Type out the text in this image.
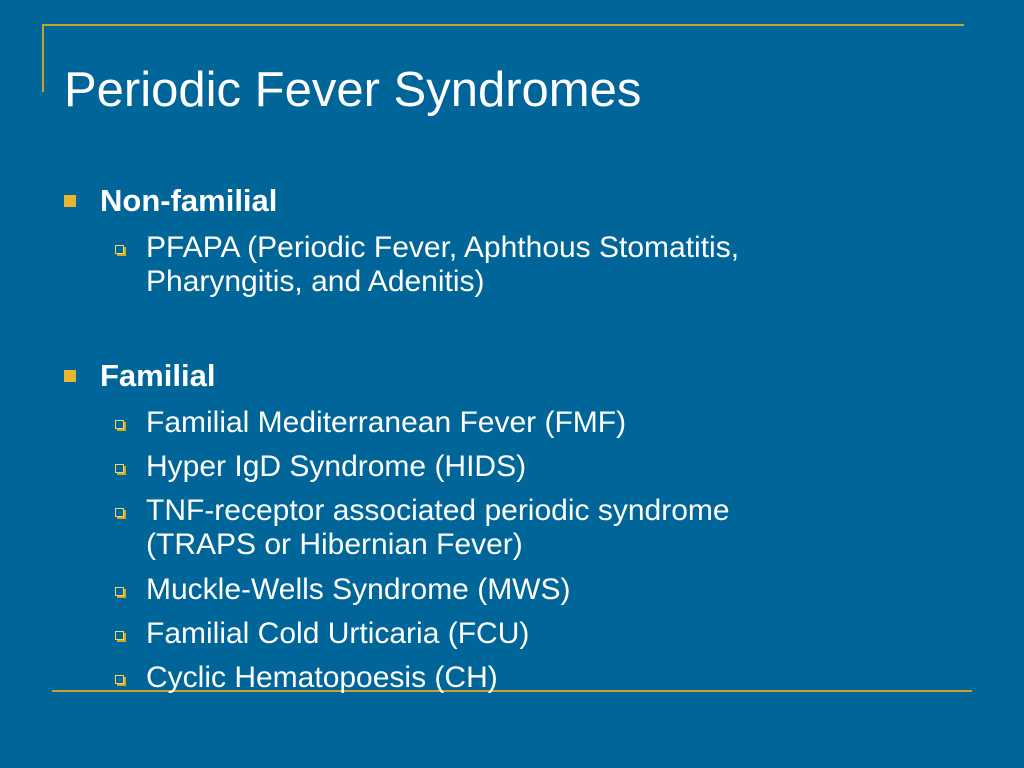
Periodic Fever Syndromes
Non-familial
PFAPA (Periodic Fever, Aphthous Stomatitis,
Pharyngitis, and Adenitis)
Familial
Familial Mediterranean Fever (FMF)
Hyper IgD Syndrome (HIDS)
TNF-receptor associated periodic syndrome
(TRAPS or Hibernian Fever)
Muckle-Wells Syndrome (MWS)
Familial Cold Urticaria (FCU)
Cyclic Hematopoesis (CH)
